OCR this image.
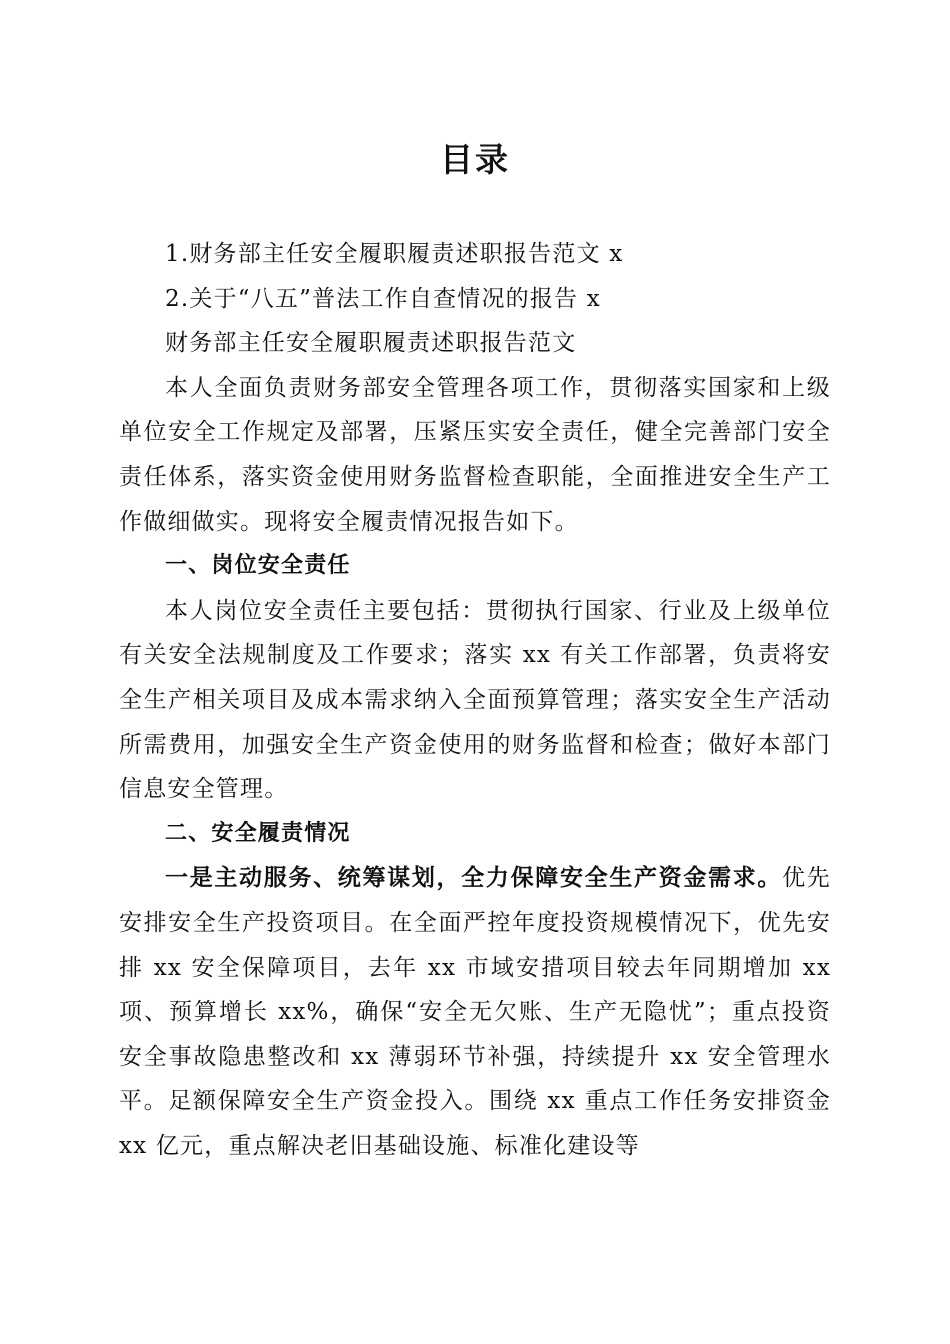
目录

1.财务部主任安全履职履责述职报告范文 x

2.关于“八五”普法工作自查情况的报告 x

财务部主任安全履职履责述职报告范文

本人全面负责财务部安全管理各项工作，贯彻落实国家和上级单位安全工作规定及部署，压紧压实安全责任，健全完善部门安全责任体系，落实资金使用财务监督检查职能，全面推进安全生产工作做细做实。现将安全履责情况报告如下。

一、岗位安全责任

本人岗位安全责任主要包括：贯彻执行国家、行业及上级单位有关安全法规制度及工作要求；落实 xx 有关工作部署，负责将安全生产相关项目及成本需求纳入全面预算管理；落实安全生产活动所需费用，加强安全生产资金使用的财务监督和检查；做好本部门信息安全管理。

二、安全履责情况

一是主动服务、统筹谋划，全力保障安全生产资金需求。优先安排安全生产投资项目。在全面严控年度投资规模情况下，优先安排 xx 安全保障项目，去年 xx 市域安措项目较去年同期增加 xx 项、预算增长 xx%，确保“安全无欠账、生产无隐忧”；重点投资安全事故隐患整改和 xx 薄弱环节补强，持续提升 xx 安全管理水平。足额保障安全生产资金投入。围绕 xx 重点工作任务安排资金 xx 亿元，重点解决老旧基础设施、标准化建设等
